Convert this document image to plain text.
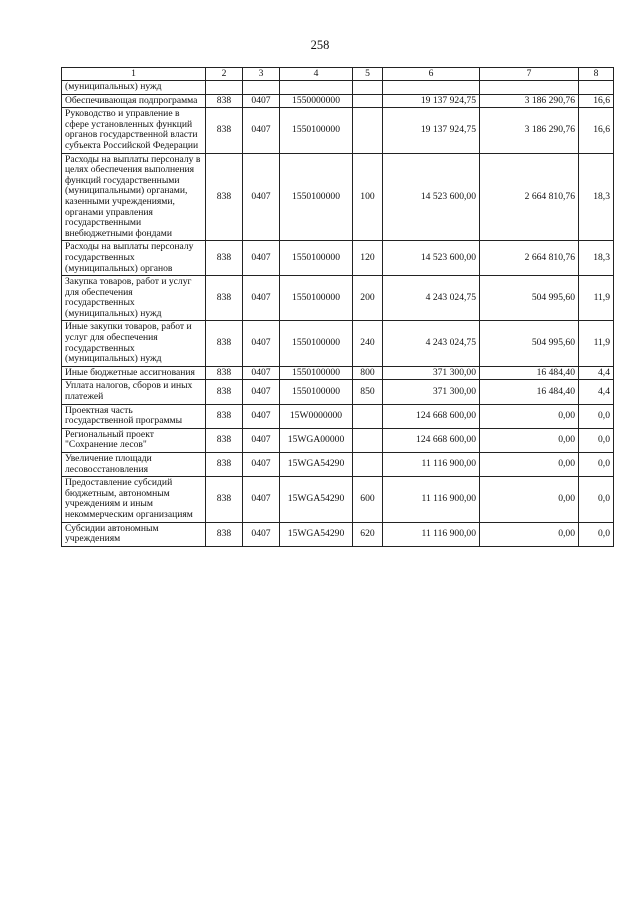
258
1	2	3	4	5	6	7	8
(муниципальных) нужд							
Обеспечивающая подпрограмма	838	0407	1550000000		19 137 924,75	3 186 290,76	16,6
Руководство и управление в сфере установленных функций органов государственной власти субъекта Российской Федерации	838	0407	1550100000		19 137 924,75	3 186 290,76	16,6
Расходы на выплаты персоналу в целях обеспечения выполнения функций государственными (муниципальными) органами, казенными учреждениями, органами управления государственными внебюджетными фондами	838	0407	1550100000	100	14 523 600,00	2 664 810,76	18,3
Расходы на выплаты персоналу государственных (муниципальных) органов	838	0407	1550100000	120	14 523 600,00	2 664 810,76	18,3
Закупка товаров, работ и услуг для обеспечения государственных (муниципальных) нужд	838	0407	1550100000	200	4 243 024,75	504 995,60	11,9
Иные закупки товаров, работ и услуг для обеспечения государственных (муниципальных) нужд	838	0407	1550100000	240	4 243 024,75	504 995,60	11,9
Иные бюджетные ассигнования	838	0407	1550100000	800	371 300,00	16 484,40	4,4
Уплата налогов, сборов и иных платежей	838	0407	1550100000	850	371 300,00	16 484,40	4,4
Проектная часть государственной программы	838	0407	15W0000000		124 668 600,00	0,00	0,0
Региональный проект "Сохранение лесов"	838	0407	15WGA00000		124 668 600,00	0,00	0,0
Увеличение площади лесовосстановления	838	0407	15WGA54290		11 116 900,00	0,00	0,0
Предоставление субсидий бюджетным, автономным учреждениям и иным некоммерческим организациям	838	0407	15WGA54290	600	11 116 900,00	0,00	0,0
Субсидии автономным учреждениям	838	0407	15WGA54290	620	11 116 900,00	0,00	0,0
